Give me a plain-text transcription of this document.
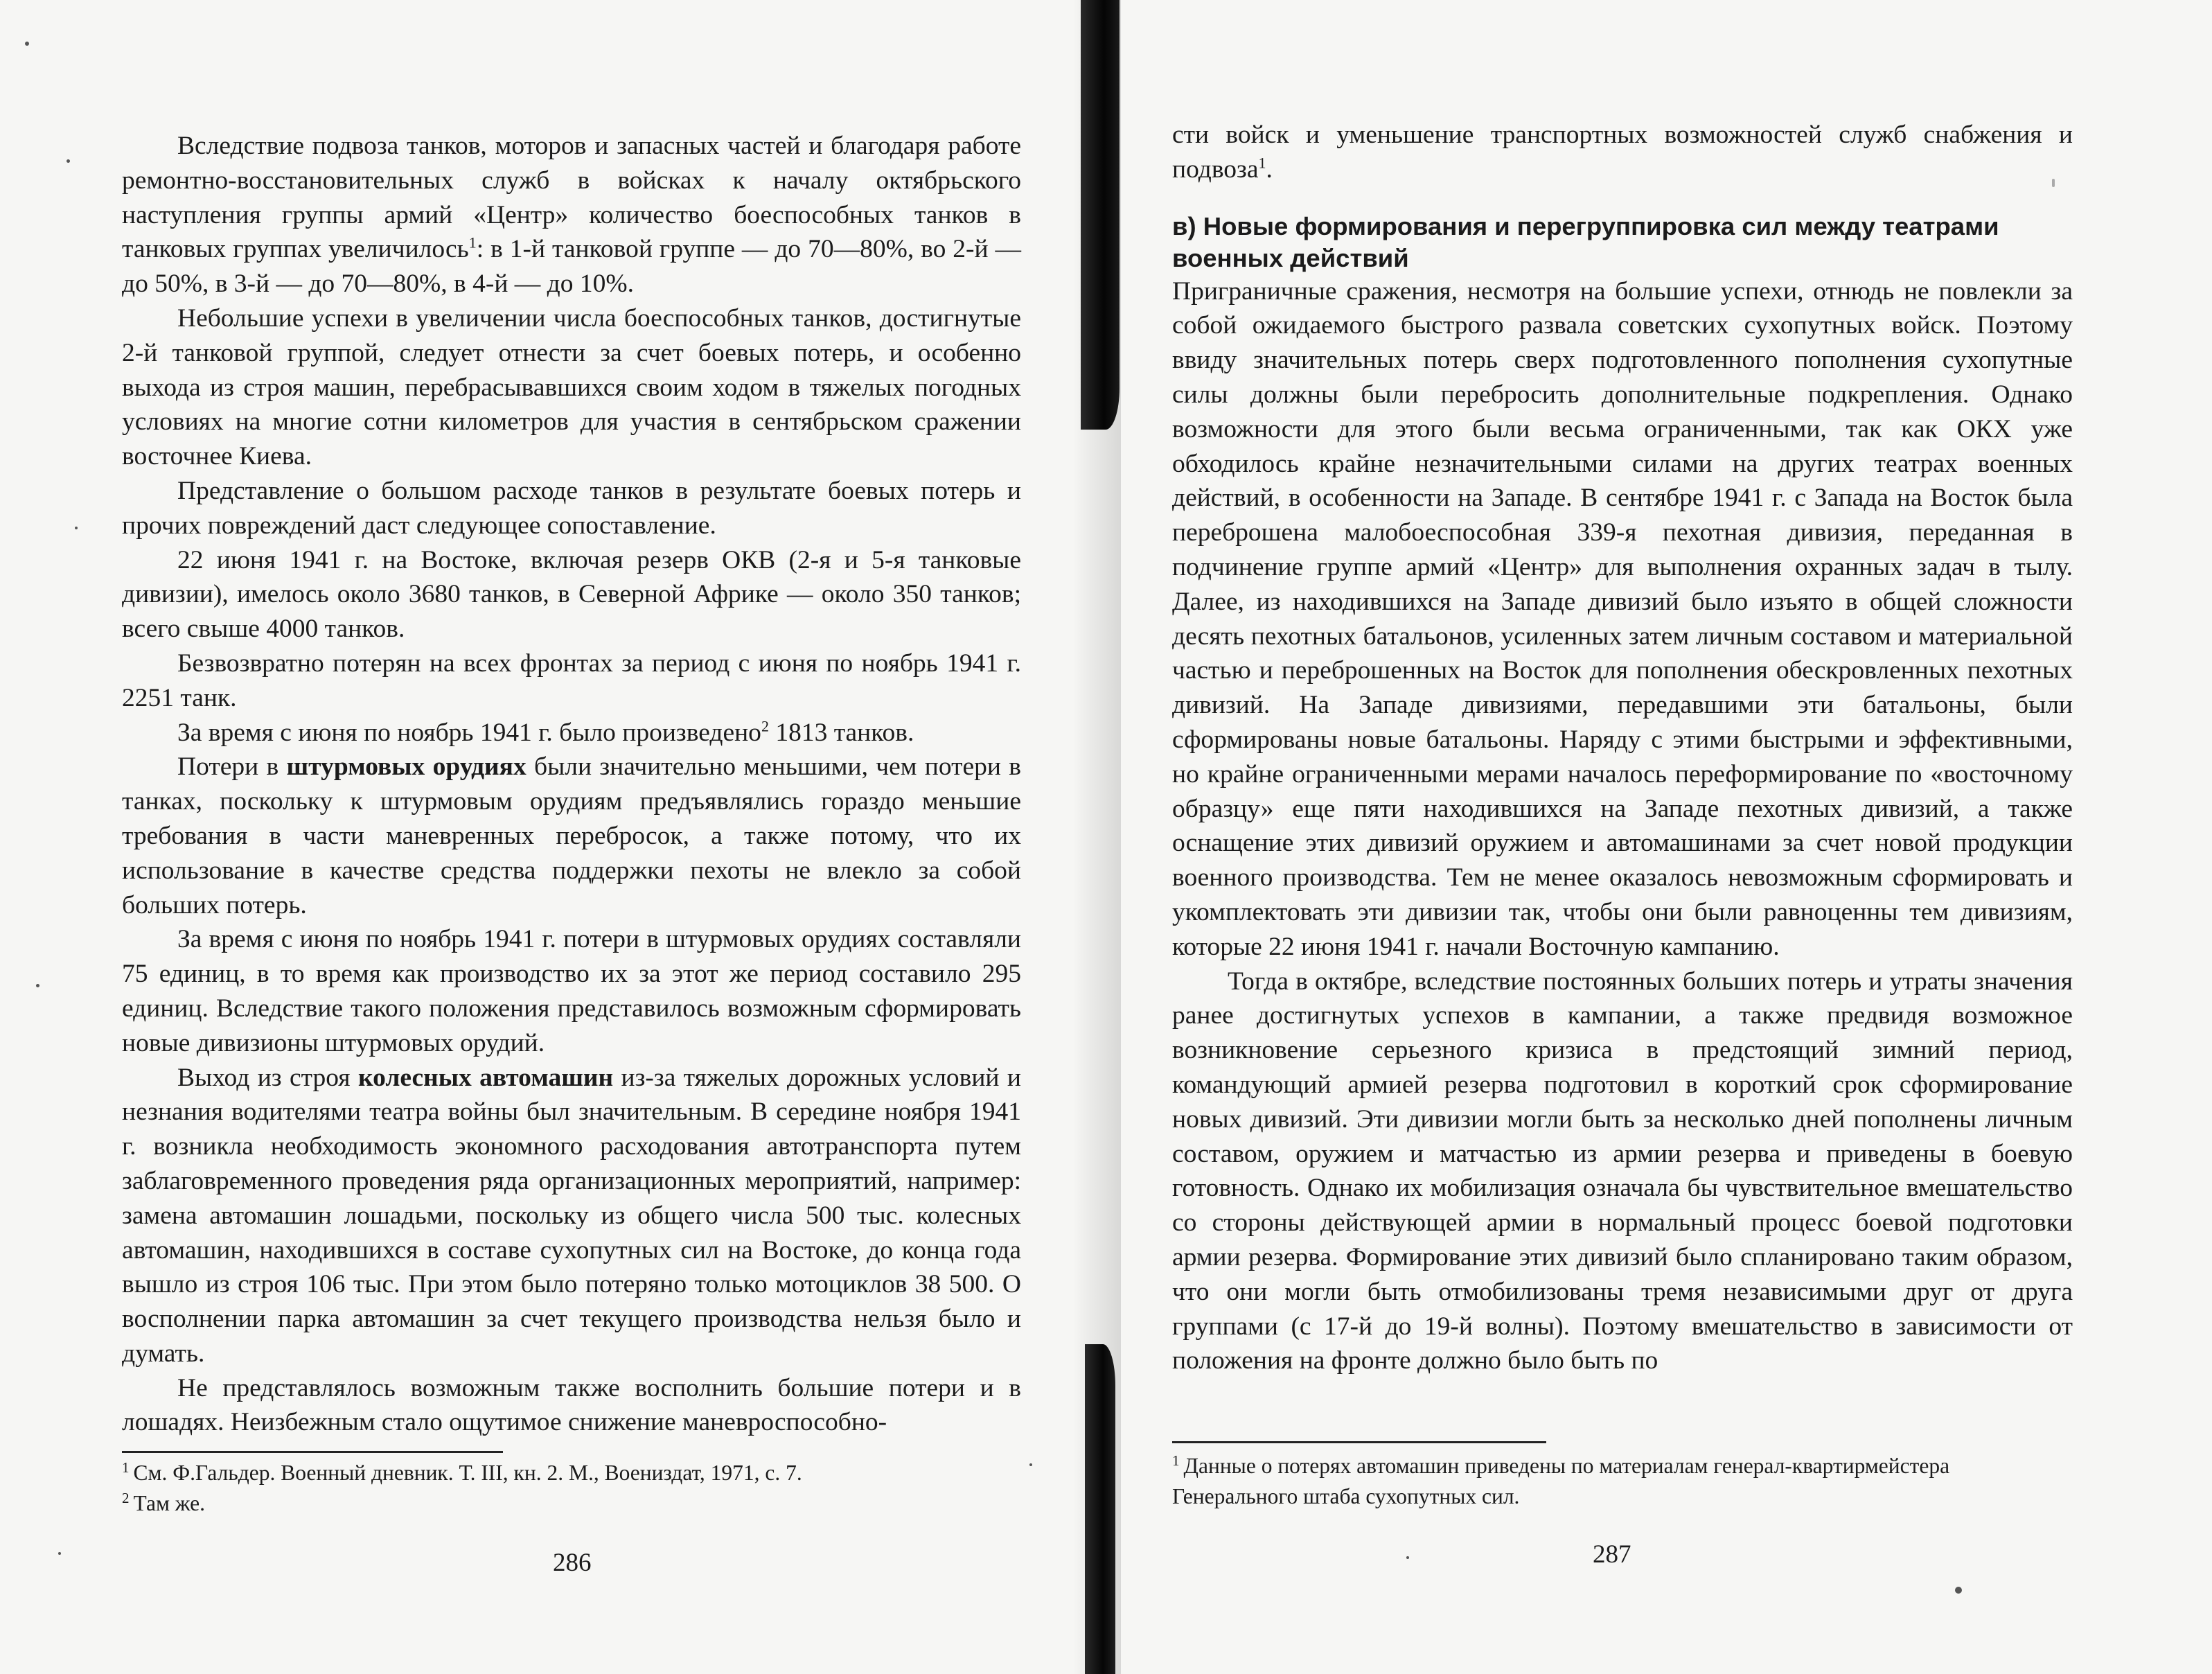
Вследствие подвоза танков, моторов и запасных частей и благодаря работе ремонтно-восстановительных служб в войсках к началу октябрьского наступления группы армий «Центр» количество боеспособных танков в танковых группах увеличилось$^1$: в 1-й танковой группе — до 70—80%, во 2-й — до 50%, в 3-й — до 70—80%, в 4-й — до 10%.

Небольшие успехи в увеличении числа боеспособных танков, достигнутые 2-й танковой группой, следует отнести за счет боевых потерь, и особенно выхода из строя машин, перебрасывавшихся своим ходом в тяжелых погодных условиях на многие сотни километров для участия в сентябрьском сражении восточнее Киева.

Представление о большом расходе танков в результате боевых потерь и прочих повреждений даст следующее сопоставление.

22 июня 1941 г. на Востоке, включая резерв ОКВ (2-я и 5-я танковые дивизии), имелось около 3680 танков, в Северной Африке — около 350 танков; всего свыше 4000 танков.

Безвозвратно потерян на всех фронтах за период с июня по ноябрь 1941 г. 2251 танк.

За время с июня по ноябрь 1941 г. было произведено$^2$ 1813 танков.

Потери в штурмовых орудиях были значительно меньшими, чем потери в танках, поскольку к штурмовым орудиям предъявлялись гораздо меньшие требования в части маневренных перебросок, а также потому, что их использование в качестве средства поддержки пехоты не влекло за собой больших потерь.

За время с июня по ноябрь 1941 г. потери в штурмовых орудиях составляли 75 единиц, в то время как производство их за этот же период составило 295 единиц. Вследствие такого положения представилось возможным сформировать новые дивизионы штурмовых орудий.

Выход из строя колесных автомашин из-за тяжелых дорожных условий и незнания водителями театра войны был значительным. В середине ноября 1941 г. возникла необходимость экономного расходования автотранспорта путем заблаговременного проведения ряда организационных мероприятий, например: замена автомашин лошадьми, поскольку из общего числа 500 тыс. колесных автомашин, находившихся в составе сухопутных сил на Востоке, до конца года вышло из строя 106 тыс. При этом было потеряно только мотоциклов 38 500. О восполнении парка автомашин за счет текущего производства нельзя было и думать.

Не представлялось возможным также восполнить большие потери и в лошадях. Неизбежным стало ощутимое снижение маневроспособно-

$^1$ См. Ф.Гальдер. Военный дневник. Т. III, кн. 2. М., Воениздат, 1971, с. 7.

$^2$ Там же.

286

сти войск и уменьшение транспортных возможностей служб снабжения и подвоза$^1$.

в) Новые формирования и перегруппировка сил между театрами военных действий

Приграничные сражения, несмотря на большие успехи, отнюдь не повлекли за собой ожидаемого быстрого развала советских сухопутных войск. Поэтому ввиду значительных потерь сверх подготовленного пополнения сухопутные силы должны были перебросить дополнительные подкрепления. Однако возможности для этого были весьма ограниченными, так как ОКХ уже обходилось крайне незначительными силами на других театрах военных действий, в особенности на Западе. В сентябре 1941 г. с Запада на Восток была переброшена малобоеспособная 339-я пехотная дивизия, переданная в подчинение группе армий «Центр» для выполнения охранных задач в тылу. Далее, из находившихся на Западе дивизий было изъято в общей сложности десять пехотных батальонов, усиленных затем личным составом и материальной частью и переброшенных на Восток для пополнения обескровленных пехотных дивизий. На Западе дивизиями, передавшими эти батальоны, были сформированы новые батальоны. Наряду с этими быстрыми и эффективными, но крайне ограниченными мерами началось переформирование по «восточному образцу» еще пяти находившихся на Западе пехотных дивизий, а также оснащение этих дивизий оружием и автомашинами за счет новой продукции военного производства. Тем не менее оказалось невозможным сформировать и укомплектовать эти дивизии так, чтобы они были равноценны тем дивизиям, которые 22 июня 1941 г. начали Восточную кампанию.

Тогда в октябре, вследствие постоянных больших потерь и утраты значения ранее достигнутых успехов в кампании, а также предвидя возможное возникновение серьезного кризиса в предстоящий зимний период, командующий армией резерва подготовил в короткий срок сформирование новых дивизий. Эти дивизии могли быть за несколько дней пополнены личным составом, оружием и матчастью из армии резерва и приведены в боевую готовность. Однако их мобилизация означала бы чувствительное вмешательство со стороны действующей армии в нормальный процесс боевой подготовки армии резерва. Формирование этих дивизий было спланировано таким образом, что они могли быть отмобилизованы тремя независимыми друг от друга группами (с 17-й до 19-й волны). Поэтому вмешательство в зависимости от положения на фронте должно было быть по

$^1$ Данные о потерях автомашин приведены по материалам генерал-квартирмейстера Генерального штаба сухопутных сил.

287
